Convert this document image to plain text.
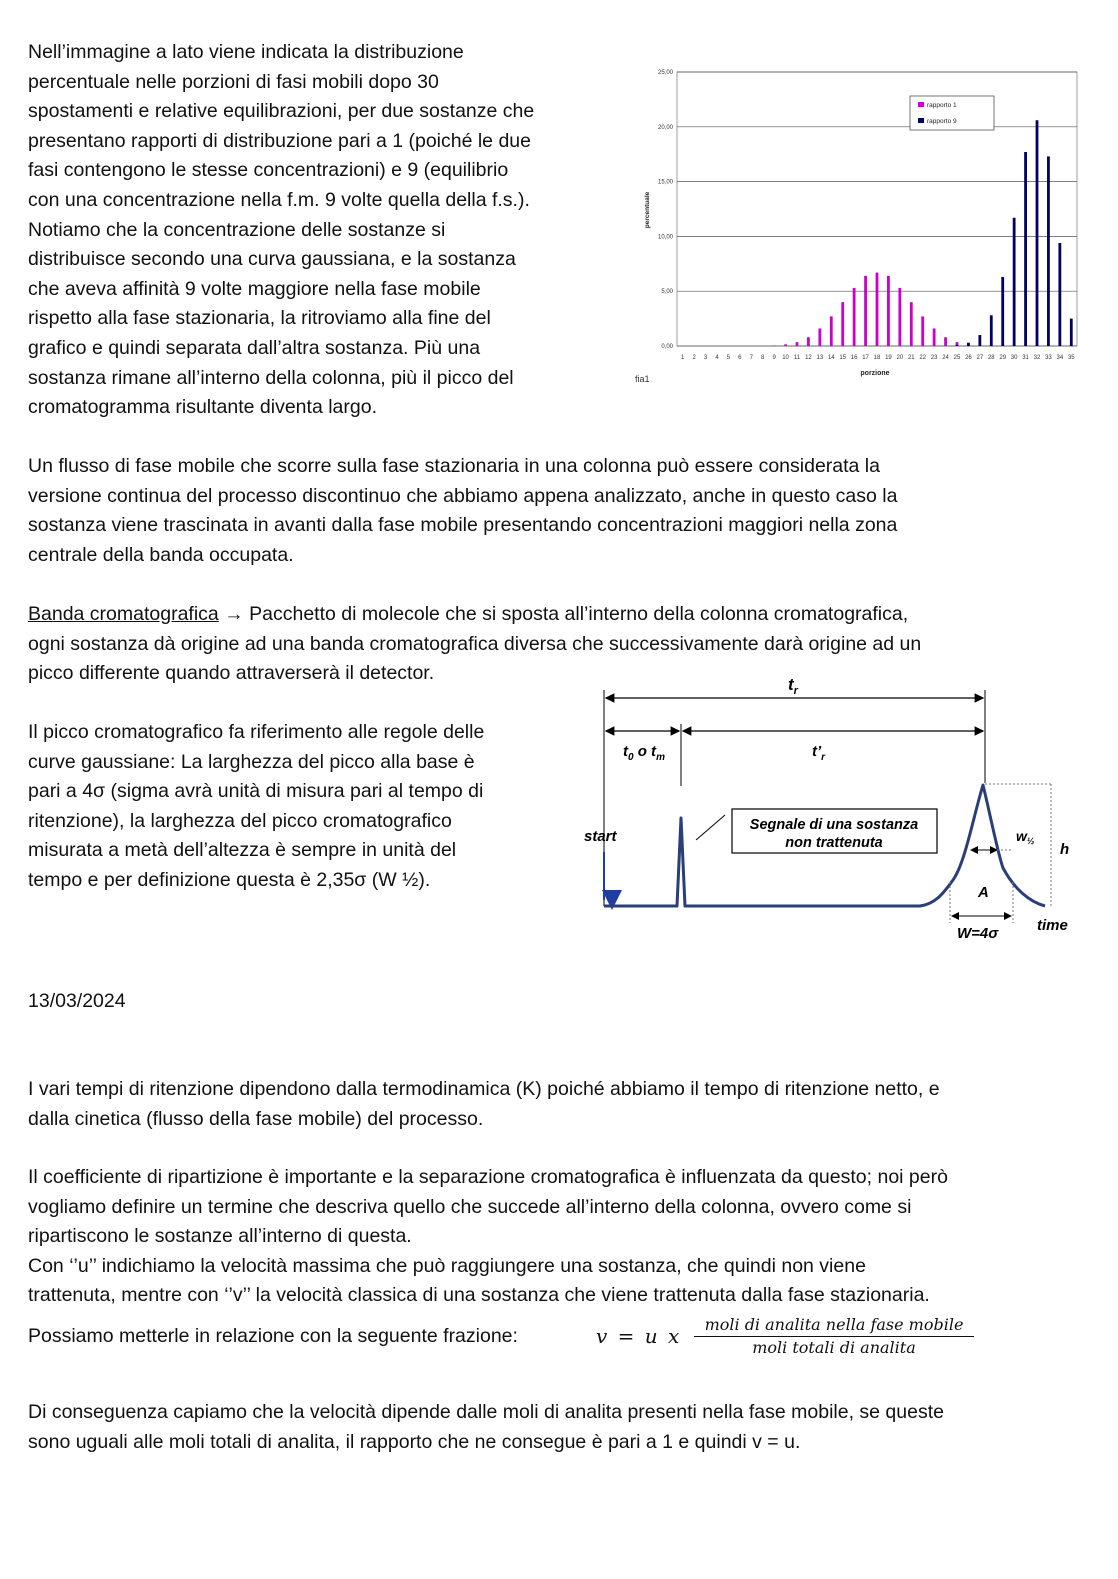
Nell’immagine a lato viene indicata la distribuzione
percentuale nelle porzioni di fasi mobili dopo 30
spostamenti e relative equilibrazioni, per due sostanze che
presentano rapporti di distribuzione pari a 1 (poiché le due
fasi contengono le stesse concentrazioni) e 9 (equilibrio
con una concentrazione nella f.m. 9 volte quella della f.s.).
Notiamo che la concentrazione delle sostanze si
distribuisce secondo una curva gaussiana, e la sostanza
che aveva affinità 9 volte maggiore nella fase mobile
rispetto alla fase stazionaria, la ritroviamo alla fine del
grafico e quindi separata dall’altra sostanza. Più una
sostanza rimane all’interno della colonna, più il picco del
cromatogramma risultante diventa largo.
0,00
5,00
10,00
15,00
20,00
25,00
1 2 3 4 5 6 7 8 9 10 11 12 13 14 15 16 17 18 19 20 21 22 23 24 25 26 27 28 29 30 31 32 33 34 35
percentuale
porzione
fia1
rapporto 1
rapporto 9
Un flusso di fase mobile che scorre sulla fase stazionaria in una colonna può essere considerata la
versione continua del processo discontinuo che abbiamo appena analizzato, anche in questo caso la
sostanza viene trascinata in avanti dalla fase mobile presentando concentrazioni maggiori nella zona
centrale della banda occupata.
Banda cromatografica → Pacchetto di molecole che si sposta all’interno della colonna cromatografica,
ogni sostanza dà origine ad una banda cromatografica diversa che successivamente darà origine ad un
picco differente quando attraverserà il detector.
Il picco cromatografico fa riferimento alle regole delle
curve gaussiane: La larghezza del picco alla base è
pari a 4σ (sigma avrà unità di misura pari al tempo di
ritenzione), la larghezza del picco cromatografico
misurata a metà dell’altezza è sempre in unità del
tempo e per definizione questa è 2,35σ (W ½).
$t_r$
$t_0$ o $t_m$	$t’_r$
start
Segnale di una sostanza
non trattenuta	h
$w_{\frac{1}{2}}$
A
W=4σ	time
13/03/2024
I vari tempi di ritenzione dipendono dalla termodinamica (K) poiché abbiamo il tempo di ritenzione netto, e
dalla cinetica (flusso della fase mobile) del processo.
Il coefficiente di ripartizione è importante e la separazione cromatografica è influenzata da questo; noi però
vogliamo definire un termine che descriva quello che succede all’interno della colonna, ovvero come si
ripartiscono le sostanze all’interno di questa.
Con ‘’u’’ indichiamo la velocità massima che può raggiungere una sostanza, che quindi non viene
trattenuta, mentre con ‘’v’’ la velocità classica di una sostanza che viene trattenuta dalla fase stazionaria.
Possiamo metterle in relazione con la seguente frazione:	v = u x	moli di analita nella fase mobile
moli totali di analita
Di conseguenza capiamo che la velocità dipende dalle moli di analita presenti nella fase mobile, se queste
sono uguali alle moli totali di analita, il rapporto che ne consegue è pari a 1 e quindi v = u.
